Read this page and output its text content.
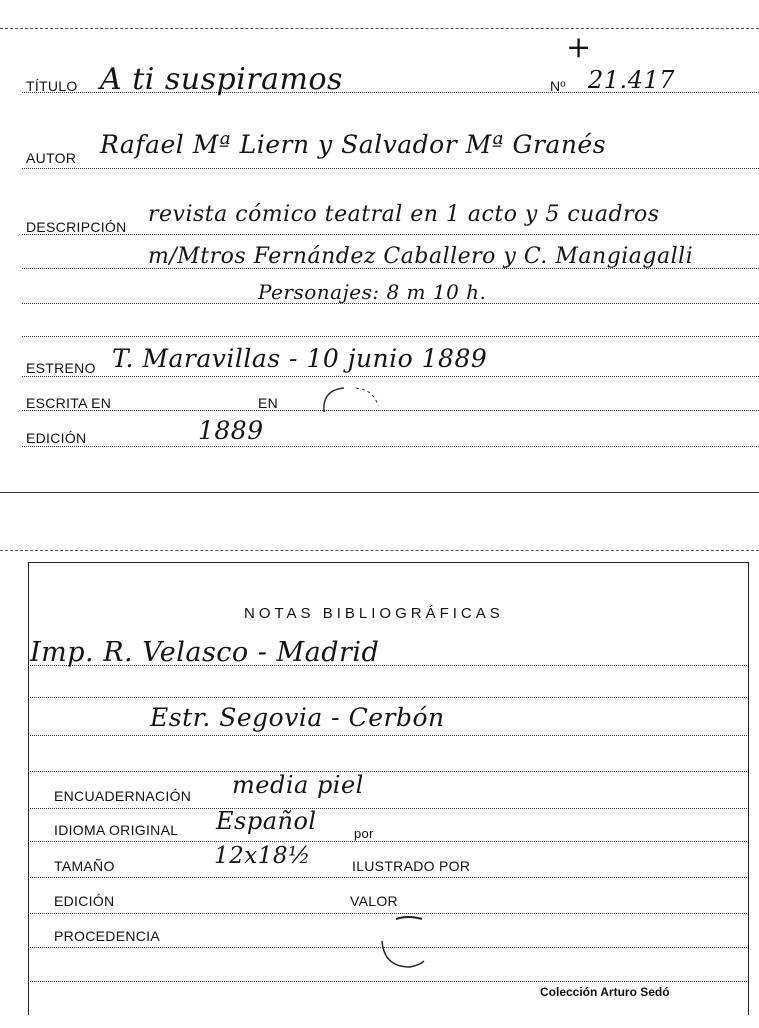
+
TÍTULO A ti suspiramos	Nº 21.417
AUTOR Rafael Mª Liern y Salvador Mª Granés
DESCRIPCIÓN revista cómico teatral en 1 acto y 5 cuadros
m/Mtros Fernández Caballero y C. Mangiagalli
Personajes: 8 m 10 h.
ESTRENO T. Maravillas - 10 junio 1889
ESCRITA EN	EN
EDICIÓN	1889
NOTAS BIBLIOGRÁFICAS
Imp. R. Velasco - Madrid
Estr. Segovia - Cerbón
ENCUADERNACIÓN media piel
IDIOMA ORIGINAL Español	por
TAMAÑO	12x18½	ILUSTRADO POR
EDICIÓN	VALOR
PROCEDENCIA
Colección Arturo Sedó
